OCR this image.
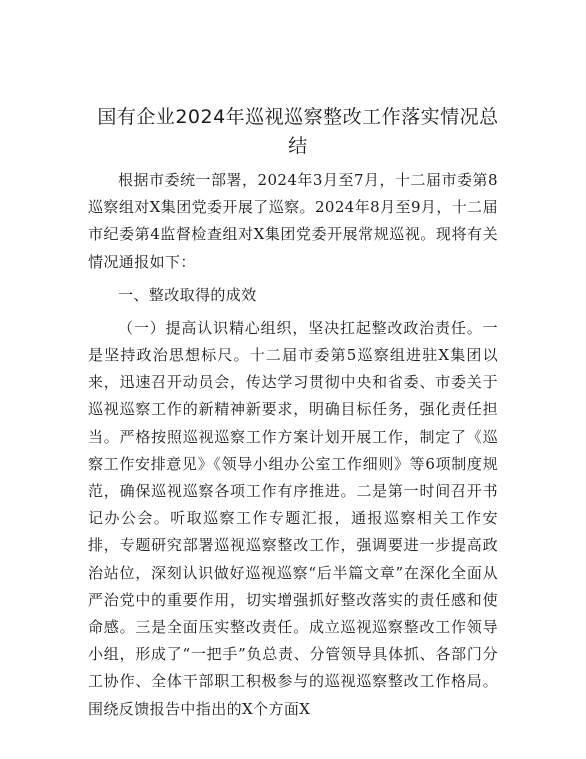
国有企业2024年巡视巡察整改工作落实情况总结

根据市委统一部署，2024年3月至7月，十二届市委第8巡察组对X集团党委开展了巡察。2024年8月至9月，十二届市纪委第4监督检查组对X集团党委开展常规巡视。现将有关情况通报如下：

一、整改取得的成效

（一）提高认识精心组织，坚决扛起整改政治责任。一是坚持政治思想标尺。十二届市委第5巡察组进驻X集团以来，迅速召开动员会，传达学习贯彻中央和省委、市委关于巡视巡察工作的新精神新要求，明确目标任务，强化责任担当。严格按照巡视巡察工作方案计划开展工作，制定了《巡察工作安排意见》《领导小组办公室工作细则》等6项制度规范，确保巡视巡察各项工作有序推进。二是第一时间召开书记办公会。听取巡察工作专题汇报，通报巡察相关工作安排，专题研究部署巡视巡察整改工作，强调要进一步提高政治站位，深刻认识做好巡视巡察“后半篇文章”在深化全面从严治党中的重要作用，切实增强抓好整改落实的责任感和使命感。三是全面压实整改责任。成立巡视巡察整改工作领导小组，形成了“一把手”负总责、分管领导具体抓、各部门分工协作、全体干部职工积极参与的巡视巡察整改工作格局。围绕反馈报告中指出的X个方面X
